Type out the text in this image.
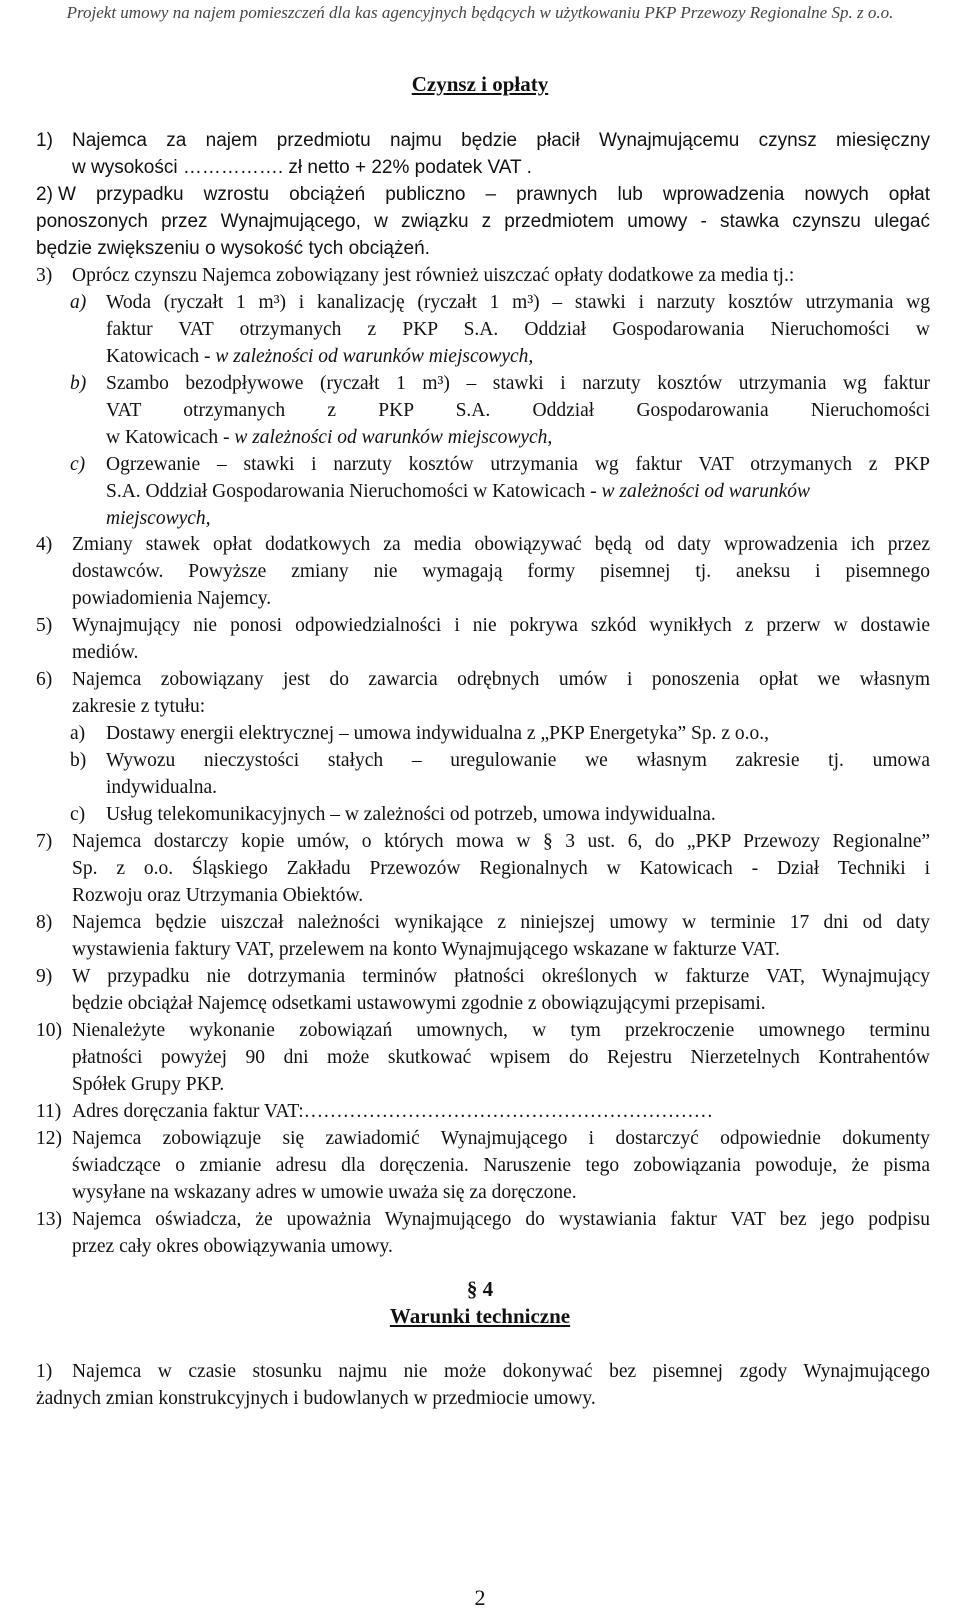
Projekt umowy na najem pomieszczeń dla kas agencyjnych będących w użytkowaniu PKP Przewozy Regionalne Sp. z o.o.
Czynsz i opłaty
1) Najemca za najem przedmiotu najmu będzie płacił Wynajmującemu czynsz miesięczny
w wysokości ……………. zł netto + 22% podatek VAT .
2) W przypadku wzrostu obciążeń publiczno – prawnych lub wprowadzenia nowych opłat
ponoszonych przez Wynajmującego, w związku z przedmiotem umowy - stawka czynszu ulegać
będzie zwiększeniu o wysokość tych obciążeń.
3) Oprócz czynszu Najemca zobowiązany jest również uiszczać opłaty dodatkowe za media tj.:
a) Woda (ryczałt 1 m³) i kanalizację (ryczałt 1 m³) – stawki i narzuty kosztów utrzymania wg
faktur VAT otrzymanych z PKP S.A. Oddział Gospodarowania Nieruchomości w
Katowicach - w zależności od warunków miejscowych,
b) Szambo bezodpływowe (ryczałt 1 m³) – stawki i narzuty kosztów utrzymania wg faktur
VAT otrzymanych z PKP S.A. Oddział Gospodarowania Nieruchomości
w Katowicach - w zależności od warunków miejscowych,
c) Ogrzewanie – stawki i narzuty kosztów utrzymania wg faktur VAT otrzymanych z PKP
S.A. Oddział Gospodarowania Nieruchomości w Katowicach - w zależności od warunków
miejscowych,
4) Zmiany stawek opłat dodatkowych za media obowiązywać będą od daty wprowadzenia ich przez
dostawców. Powyższe zmiany nie wymagają formy pisemnej tj. aneksu i pisemnego
powiadomienia Najemcy.
5) Wynajmujący nie ponosi odpowiedzialności i nie pokrywa szkód wynikłych z przerw w dostawie
mediów.
6) Najemca zobowiązany jest do zawarcia odrębnych umów i ponoszenia opłat we własnym
zakresie z tytułu:
a) Dostawy energii elektrycznej – umowa indywidualna z „PKP Energetyka” Sp. z o.o.,
b) Wywozu nieczystości stałych – uregulowanie we własnym zakresie tj. umowa
indywidualna.
c) Usług telekomunikacyjnych – w zależności od potrzeb, umowa indywidualna.
7) Najemca dostarczy kopie umów, o których mowa w § 3 ust. 6, do „PKP Przewozy Regionalne”
Sp. z o.o. Śląskiego Zakładu Przewozów Regionalnych w Katowicach - Dział Techniki i
Rozwoju oraz Utrzymania Obiektów.
8) Najemca będzie uiszczał należności wynikające z niniejszej umowy w terminie 17 dni od daty
wystawienia faktury VAT, przelewem na konto Wynajmującego wskazane w fakturze VAT.
9) W przypadku nie dotrzymania terminów płatności określonych w fakturze VAT, Wynajmujący
będzie obciążał Najemcę odsetkami ustawowymi zgodnie z obowiązującymi przepisami.
10) Nienależyte wykonanie zobowiązań umownych, w tym przekroczenie umownego terminu
płatności powyżej 90 dni może skutkować wpisem do Rejestru Nierzetelnych Kontrahentów
Spółek Grupy PKP.
11) Adres doręczania faktur VAT:………………………………………………………
12) Najemca zobowiązuje się zawiadomić Wynajmującego i dostarczyć odpowiednie dokumenty
świadczące o zmianie adresu dla doręczenia. Naruszenie tego zobowiązania powoduje, że pisma
wysyłane na wskazany adres w umowie uważa się za doręczone.
13) Najemca oświadcza, że upoważnia Wynajmującego do wystawiania faktur VAT bez jego podpisu
przez cały okres obowiązywania umowy.
§ 4
Warunki techniczne
1)	Najemca w czasie stosunku najmu nie może dokonywać bez pisemnej zgody Wynajmującego
żadnych zmian konstrukcyjnych i budowlanych w przedmiocie umowy.
2
